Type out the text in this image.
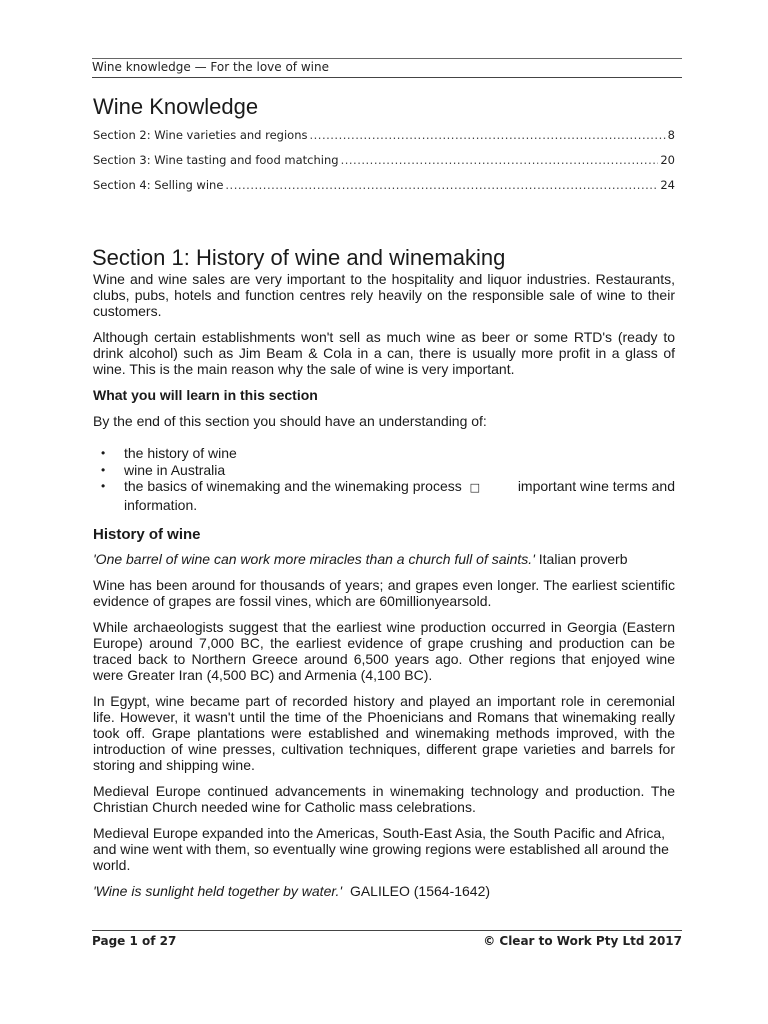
Wine knowledge — For the love of wine
Wine Knowledge
Section 2: Wine varieties and regions .....	8
Section 3: Wine tasting and food matching .....	20
Section 4: Selling wine .....	24
Section 1: History of wine and winemaking

Wine and wine sales are very important to the hospitality and liquor industries. Restaurants, clubs, pubs, hotels and function centres rely heavily on the responsible sale of wine to their customers.

Although certain establishments won't sell as much wine as beer or some RTD's (ready to drink alcohol) such as Jim Beam & Cola in a can, there is usually more profit in a glass of wine. This is the main reason why the sale of wine is very important.

What you will learn in this section

By the end of this section you should have an understanding of:

• the history of wine
• wine in Australia
• the basics of winemaking and the winemaking process □	important wine terms and
information.
History of wine

'One barrel of wine can work more miracles than a church full of saints.' Italian proverb

Wine has been around for thousands of years; and grapes even longer. The earliest scientific evidence of grapes are fossil vines, which are 60millionyearsold.

While archaeologists suggest that the earliest wine production occurred in Georgia (Eastern Europe) around 7,000 BC, the earliest evidence of grape crushing and production can be traced back to Northern Greece around 6,500 years ago. Other regions that enjoyed wine were Greater Iran (4,500 BC) and Armenia (4,100 BC).

In Egypt, wine became part of recorded history and played an important role in ceremonial life. However, it wasn't until the time of the Phoenicians and Romans that winemaking really took off. Grape plantations were established and winemaking methods improved, with the introduction of wine presses, cultivation techniques, different grape varieties and barrels for storing and shipping wine.

Medieval Europe continued advancements in winemaking technology and production. The Christian Church needed wine for Catholic mass celebrations.

Medieval Europe expanded into the Americas, South-East Asia, the South Pacific and Africa, and wine went with them, so eventually wine growing regions were established all around the world.

'Wine is sunlight held together by water.' GALILEO (1564-1642)

Page 1 of 27	© Clear to Work Pty Ltd 2017
